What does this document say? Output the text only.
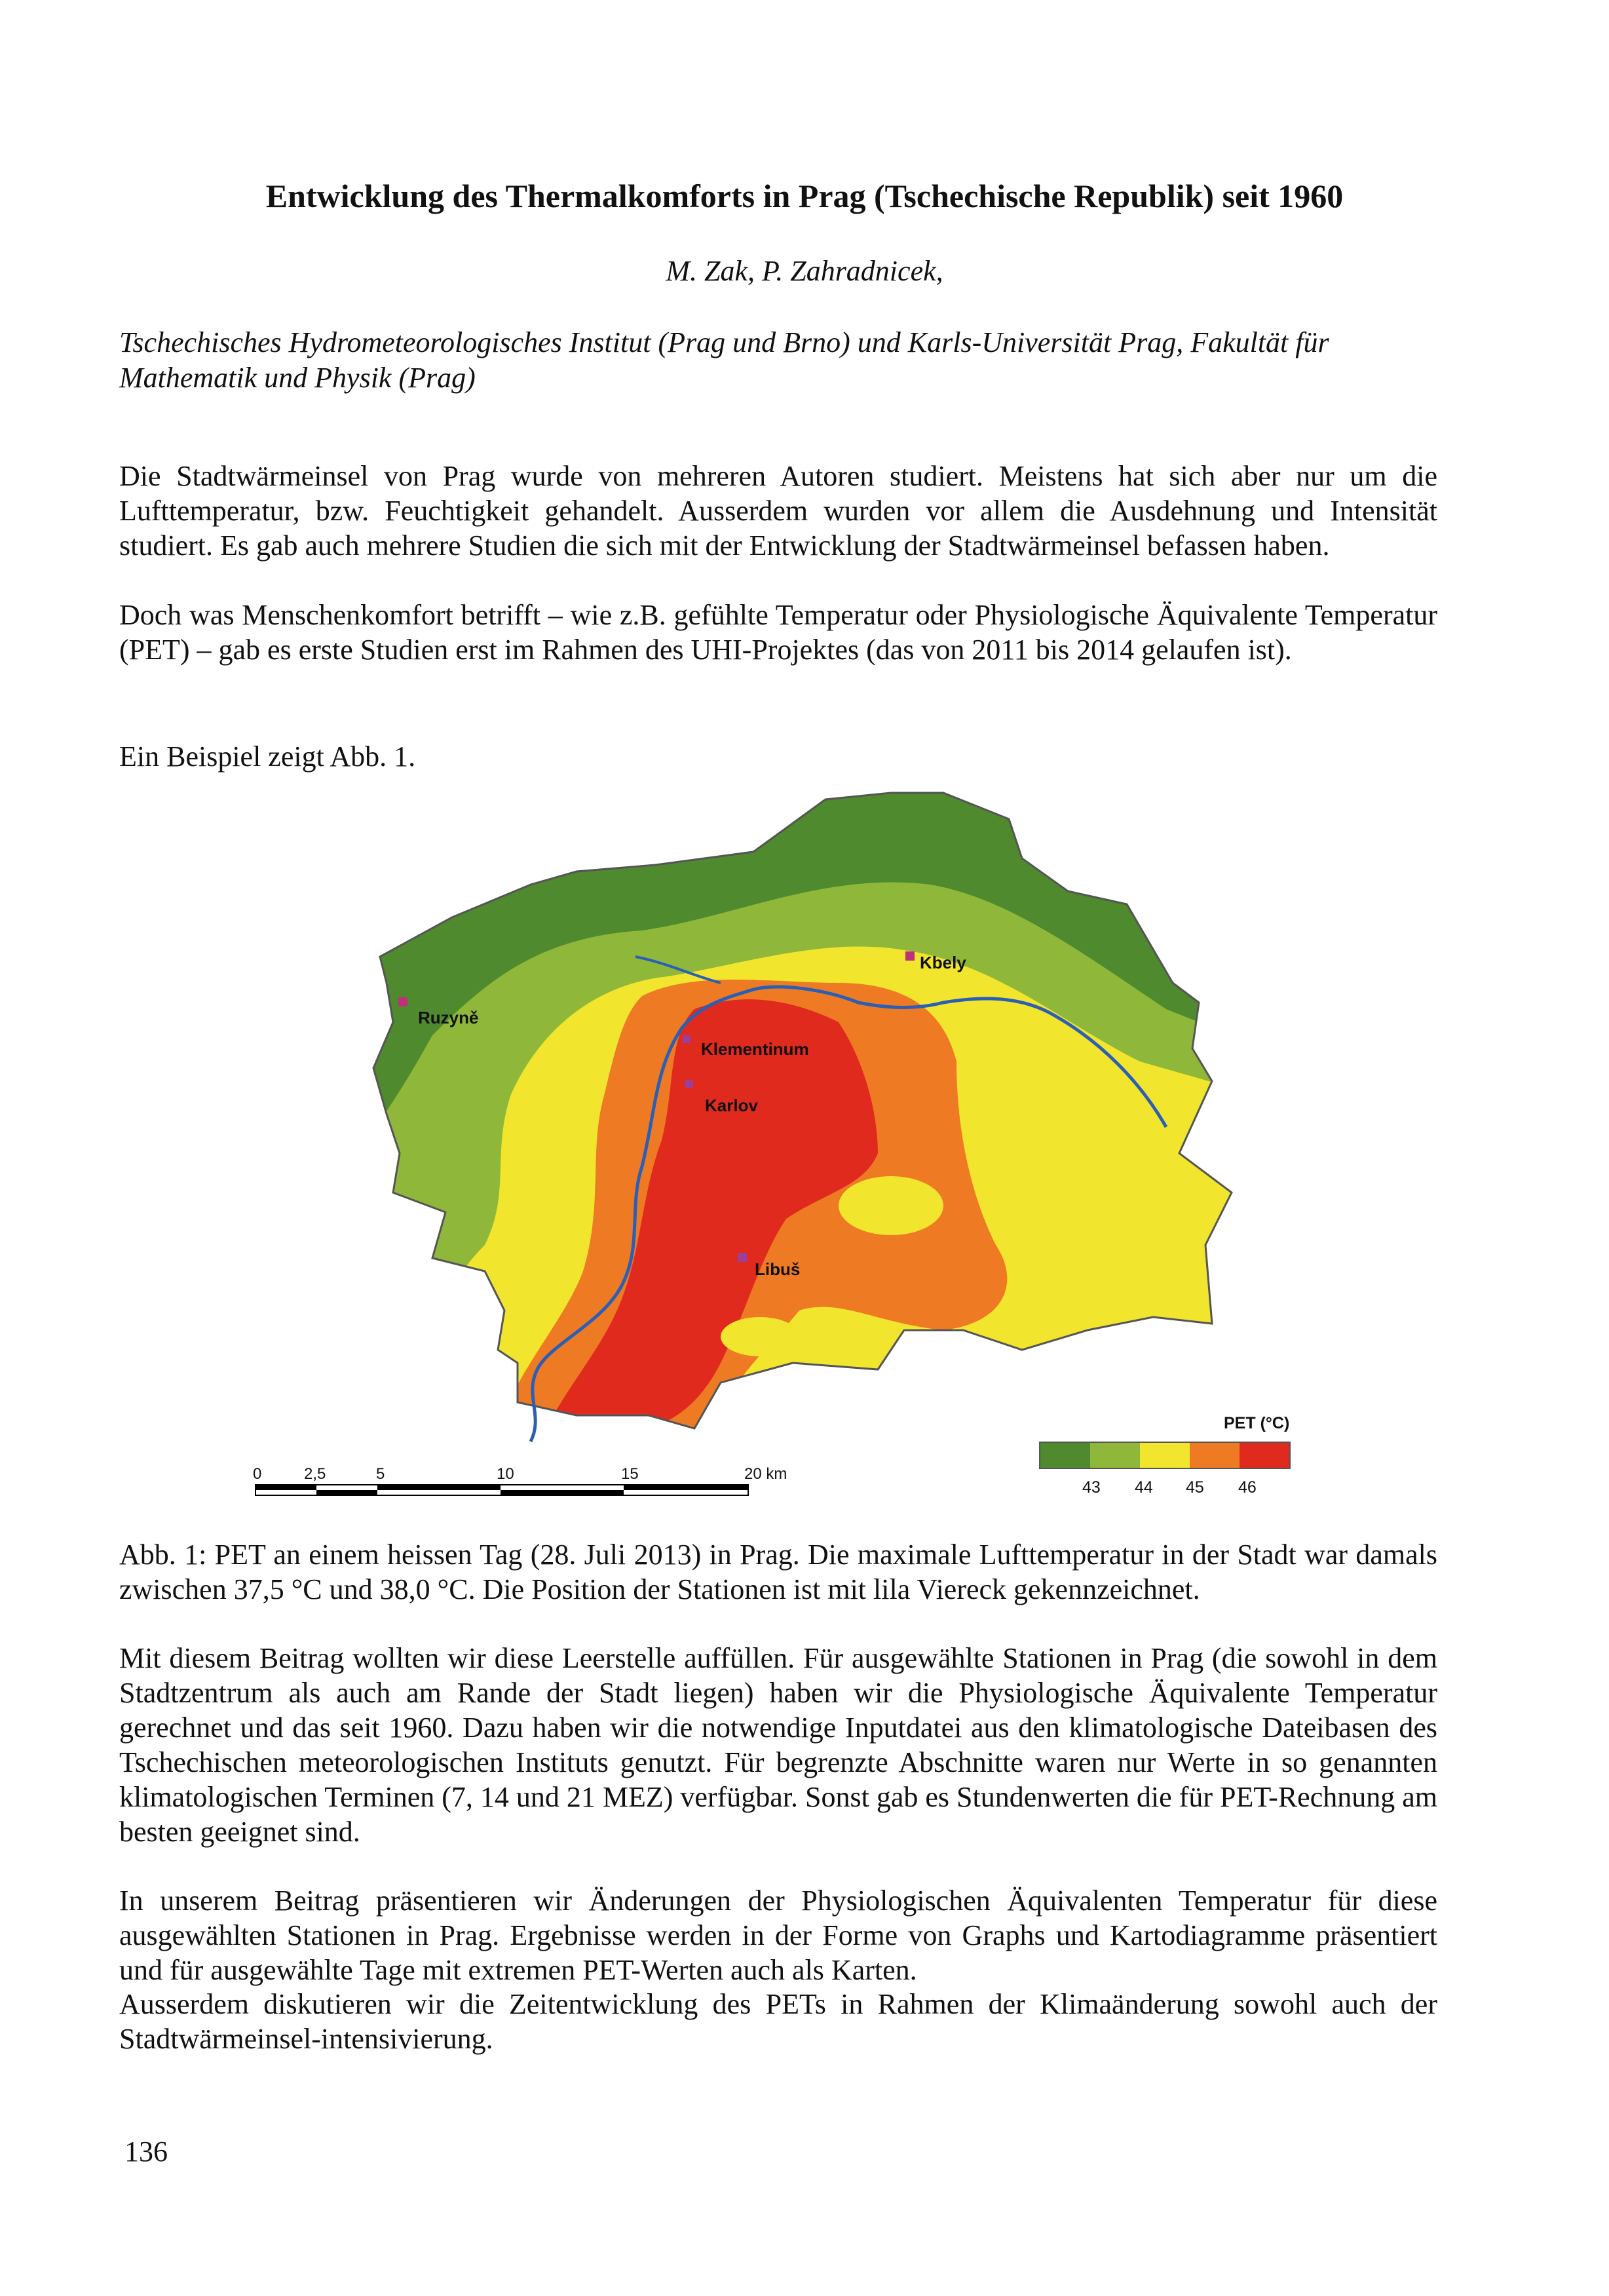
Entwicklung des Thermalkomforts in Prag (Tschechische Republik) seit 1960
M. Zak, P. Zahradnicek,
Tschechisches Hydrometeorologisches Institut (Prag und Brno) und Karls-Universität Prag, Fakultät für Mathematik und Physik (Prag)
Die Stadtwärmeinsel von Prag wurde von mehreren Autoren studiert. Meistens hat sich aber nur um die Lufttemperatur, bzw. Feuchtigkeit gehandelt. Ausserdem wurden vor allem die Ausdehnung und Intensität studiert. Es gab auch mehrere Studien die sich mit der Entwicklung der Stadtwärmeinsel befassen haben.
Doch was Menschenkomfort betrifft – wie z.B. gefühlte Temperatur oder Physiologische Äquivalente Temperatur (PET) – gab es erste Studien erst im Rahmen des UHI-Projektes (das von 2011 bis 2014 gelaufen ist).
Ein Beispiel zeigt Abb. 1.
Kbely
Ruzyně
Klementinum
Karlov
Libuš
0	2,5	5	10	15	20 km
PET (°C)
43 44 45 46
Abb. 1: PET an einem heissen Tag (28. Juli 2013) in Prag. Die maximale Lufttemperatur in der Stadt war damals zwischen 37,5 °C und 38,0 °C. Die Position der Stationen ist mit lila Viereck gekennzeichnet.
Mit diesem Beitrag wollten wir diese Leerstelle auffüllen. Für ausgewählte Stationen in Prag (die sowohl in dem Stadtzentrum als auch am Rande der Stadt liegen) haben wir die Physiologische Äquivalente Temperatur gerechnet und das seit 1960. Dazu haben wir die notwendige Inputdatei aus den klimatologische Dateibasen des Tschechischen meteorologischen Instituts genutzt. Für begrenzte Abschnitte waren nur Werte in so genannten klimatologischen Terminen (7, 14 und 21 MEZ) verfügbar. Sonst gab es Stundenwerten die für PET-Rechnung am besten geeignet sind.
In unserem Beitrag präsentieren wir Änderungen der Physiologischen Äquivalenten Temperatur für diese ausgewählten Stationen in Prag. Ergebnisse werden in der Forme von Graphs und Kartodiagramme präsentiert und für ausgewählte Tage mit extremen PET-Werten auch als Karten.
Ausserdem diskutieren wir die Zeitentwicklung des PETs in Rahmen der Klimaänderung sowohl auch der Stadtwärmeinsel-intensivierung.
136
